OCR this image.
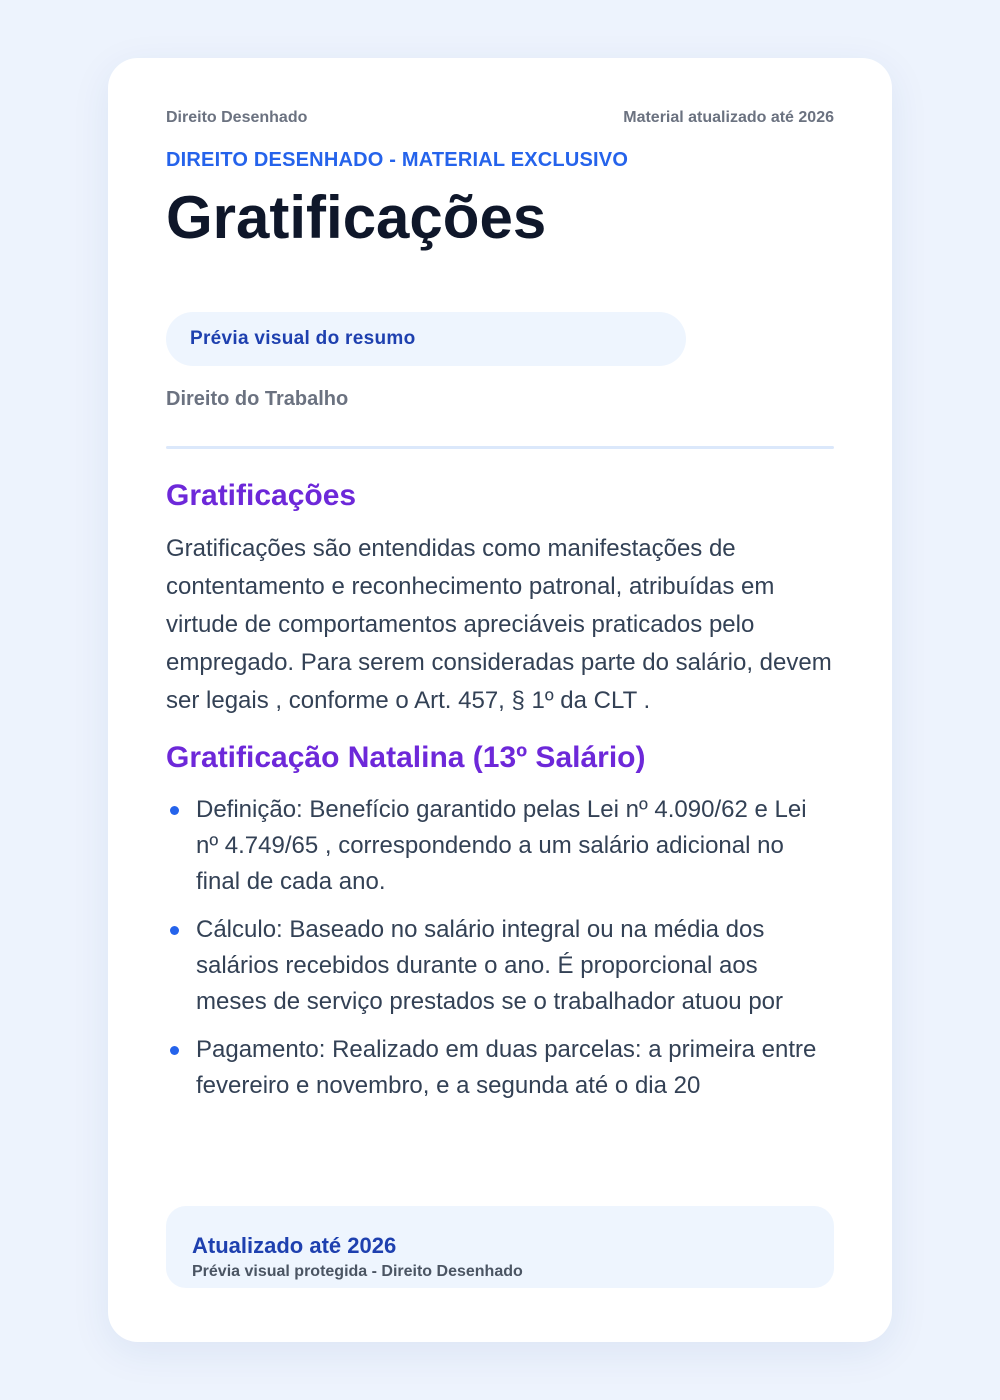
Direito Desenhado	Material atualizado até 2026
DIREITO DESENHADO - MATERIAL EXCLUSIVO
Gratificações
Prévia visual do resumo
Direito do Trabalho
Gratificações

Gratificações são entendidas como manifestações de contentamento e reconhecimento patronal, atribuídas em virtude de comportamentos apreciáveis praticados pelo empregado. Para serem consideradas parte do salário, devem ser legais , conforme o Art. 457, § 1º da CLT .

Gratificação Natalina (13º Salário)
Definição: Benefício garantido pelas Lei nº 4.090/62 e Lei nº 4.749/65 , correspondendo a um salário adicional no final de cada ano.
Cálculo: Baseado no salário integral ou na média dos salários recebidos durante o ano. É proporcional aos meses de serviço prestados se o trabalhador atuou por
Pagamento: Realizado em duas parcelas: a primeira entre fevereiro e novembro, e a segunda até o dia 20
Atualizado até 2026
Prévia visual protegida - Direito Desenhado
